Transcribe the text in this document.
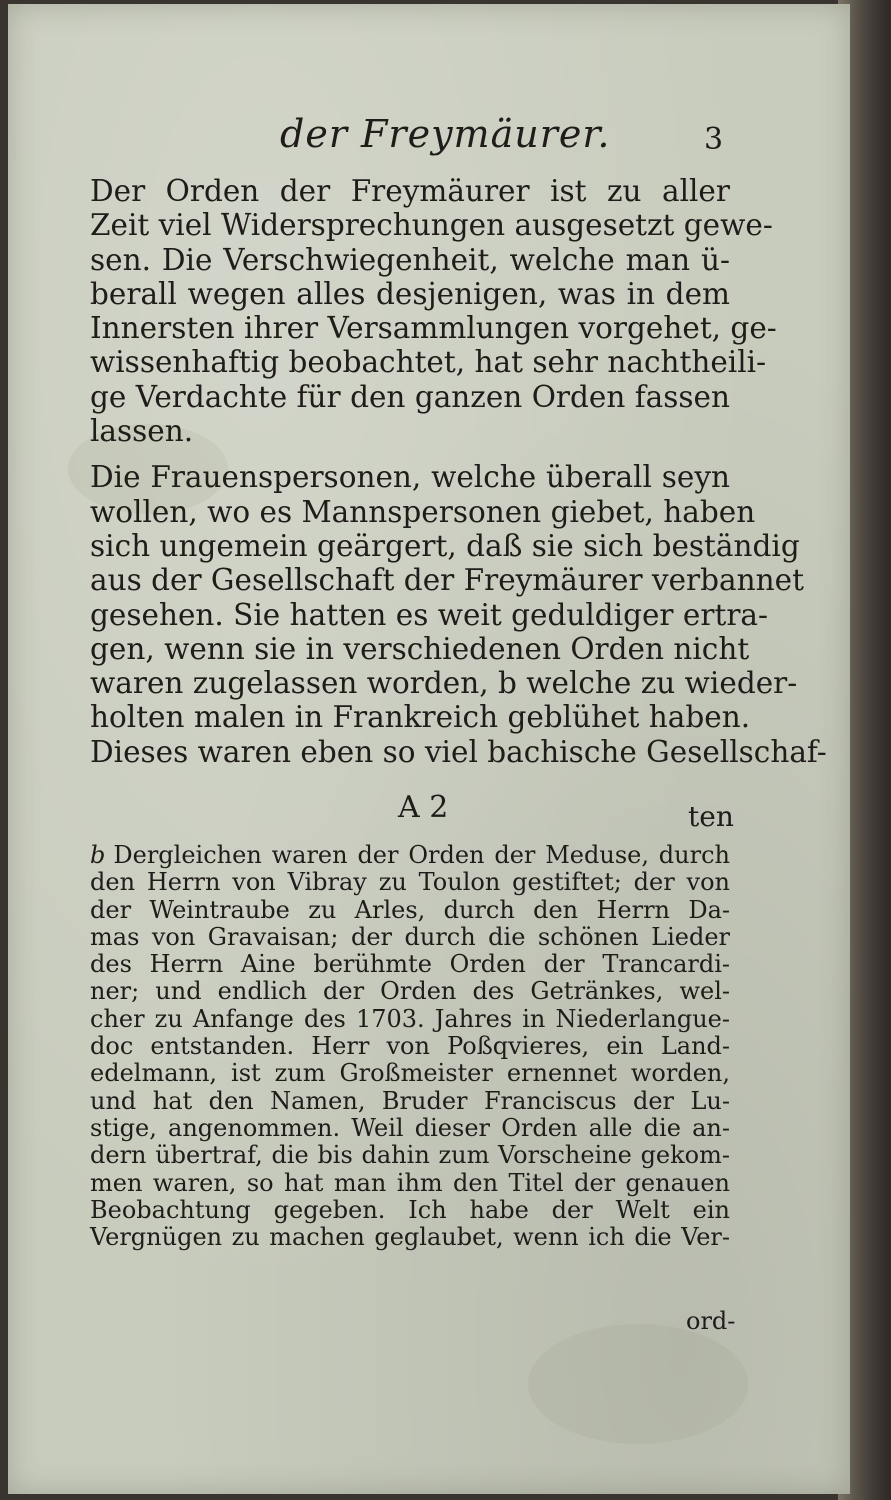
der Freymäurer.	3
Der Orden der Freymäurer ist zu aller
Zeit viel Widersprechungen ausgesetzt gewe-
sen. Die Verschwiegenheit, welche man ü-
berall wegen alles desjenigen, was in dem
Innersten ihrer Versammlungen vorgehet, ge-
wissenhaftig beobachtet, hat sehr nachtheili-
ge Verdachte für den ganzen Orden fassen
lassen.
Die Frauenspersonen, welche überall seyn
wollen, wo es Mannspersonen giebet, haben
sich ungemein geärgert, daß sie sich beständig
aus der Gesellschaft der Freymäurer verbannet
gesehen. Sie hatten es weit geduldiger ertra-
gen, wenn sie in verschiedenen Orden nicht
waren zugelassen worden, b welche zu wieder-
holten malen in Frankreich geblühet haben.
Dieses waren eben so viel bachische Gesellschaf-
A 2	ten
b Dergleichen waren der Orden der Meduse, durch
den Herrn von Vibray zu Toulon gestiftet; der von
der Weintraube zu Arles, durch den Herrn Da-
mas von Gravaisan; der durch die schönen Lieder
des Herrn Aine berühmte Orden der Trancardi-
ner; und endlich der Orden des Getränkes, wel-
cher zu Anfange des 1703. Jahres in Niederlangue-
doc entstanden. Herr von Poßqvieres, ein Land-
edelmann, ist zum Großmeister ernennet worden,
und hat den Namen, Bruder Franciscus der Lu-
stige, angenommen. Weil dieser Orden alle die an-
dern übertraf, die bis dahin zum Vorscheine gekom-
men waren, so hat man ihm den Titel der genauen
Beobachtung gegeben. Ich habe der Welt ein
Vergnügen zu machen geglaubet, wenn ich die Ver-
ord-
